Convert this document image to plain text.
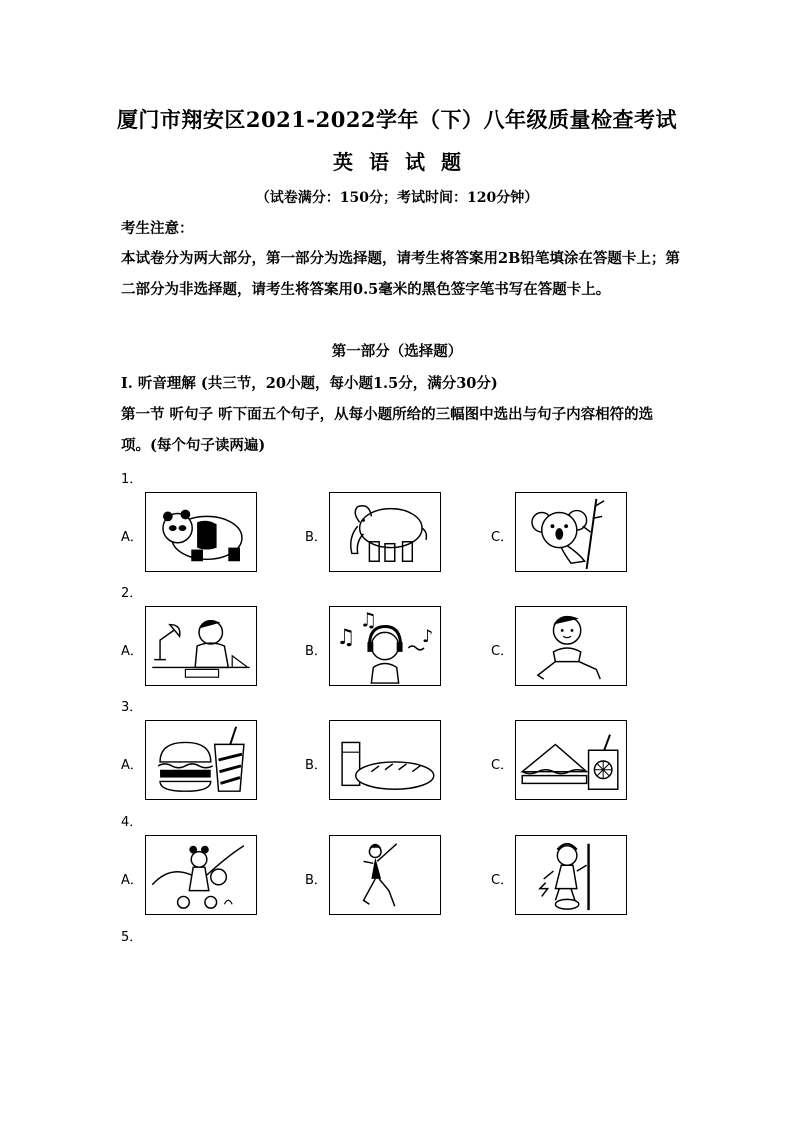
厦门市翔安区2021-2022学年（下）八年级质量检查考试
英 语 试 题
（试卷满分：150分；考试时间：120分钟）
考生注意：
本试卷分为两大部分，第一部分为选择题，请考生将答案用2B铅笔填涂在答题卡上；第二部分为非选择题，请考生将答案用0.5毫米的黑色签字笔书写在答题卡上。
第一部分（选择题）
I. 听音理解 (共三节，20小题，每小题1.5分，满分30分)
第一节 听句子 听下面五个句子，从每小题所给的三幅图中选出与句子内容相符的选项。(每个句子读两遍)
1．
A．	B．	C．
2．
A．	B．
♫
♫
♪
C．
3．
A．	B．	C．
4．
A．	B．	C．
5．
